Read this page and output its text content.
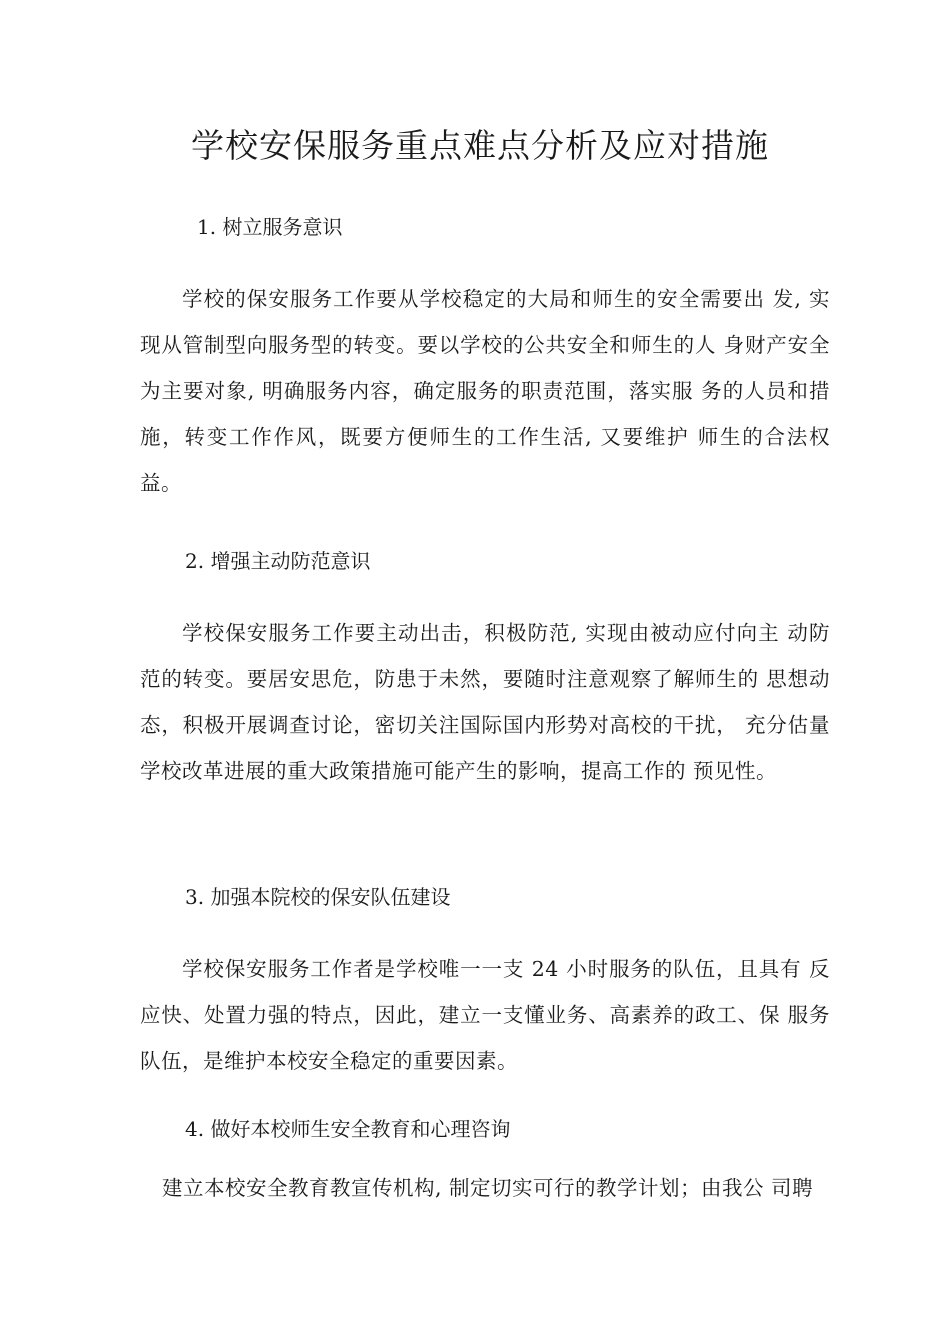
学校安保服务重点难点分析及应对措施
1. 树立服务意识

学校的保安服务工作要从学校稳定的大局和师生的安全需要出 发, 实现从管制型向服务型的转变。要以学校的公共安全和师生的人 身财产安全为主要对象, 明确服务内容，确定服务的职责范围，落实服 务的人员和措施，转变工作作风，既要方便师生的工作生活, 又要维护 师生的合法权益。

2. 增强主动防范意识

学校保安服务工作要主动出击，积极防范, 实现由被动应付向主 动防范的转变。要居安思危，防患于未然，要随时注意观察了解师生的 思想动态，积极开展调查讨论，密切关注国际国内形势对高校的干扰， 充分估量学校改革进展的重大政策措施可能产生的影响，提高工作的 预见性。

3. 加强本院校的保安队伍建设

学校保安服务工作者是学校唯一一支 24 小时服务的队伍，且具有 反应快、处置力强的特点，因此，建立一支懂业务、高素养的政工、保 服务队伍，是维护本校安全稳定的重要因素。

4. 做好本校师生安全教育和心理咨询

建立本校安全教育教宣传机构, 制定切实可行的教学计划；由我公 司聘
